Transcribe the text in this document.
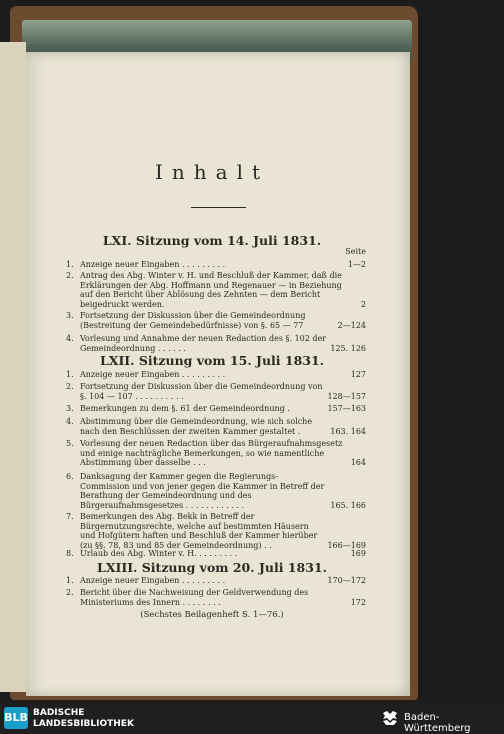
Inhalt
Seite
LXI. Sitzung vom 14. Juli 1831.
1. Anzeige neuer Eingaben . . . . . . . . .	1—2
2. Antrag des Abg. Winter v. H. und Beschluß der Kammer, daß die Erklärungen der Abg. Hoffmann und Regenauer — in Beziehung auf den Bericht über Ablösung des Zehnten — dem Bericht beigedruckt werden.	2
3. Fortsetzung der Diskussion über die Gemeindeordnung (Bestreitung der Gemeindebedürfnisse) von §. 65 — 77	2—124
4. Vorlesung und Annahme der neuen Redaction des §. 102 der Gemeindeordnung . . . . . .	125. 126
LXII. Sitzung vom 15. Juli 1831.
1. Anzeige neuer Eingaben . . . . . . . . .	127
2. Fortsetzung der Diskussion über die Gemeindeordnung von §. 104 — 107 . . . . . . . . . .	128—157
3. Bemerkungen zu dem §. 61 der Gemeindeordnung .	157—163
4. Abstimmung über die Gemeindeordnung, wie sich solche nach den Beschlüssen der zweiten Kammer gestaltet .	163. 164
5. Vorlesung der neuen Redaction über das Bürgeraufnahmsgesetz und einige nachträgliche Bemerkungen, so wie namentliche Abstimmung über dasselbe . . .	164
6. Danksagung der Kammer gegen die Regierungs-Commission und von jener gegen die Kammer in Betreff der Berathung der Gemeindeordnung und des Bürgeraufnahmsgesetzes . . . . . . . . . . . .	165. 166
7. Bemerkungen des Abg. Bekk in Betreff der Bürgernutzungsrechte, welche auf bestimmten Häusern und Hofgütern haften und Beschluß der Kammer hierüber (zu §§. 78, 83 und 85 der Gemeindeordnung) . .	166—169
8. Urlaub des Abg. Winter v. H. . . . . . . . .	169
LXIII. Sitzung vom 20. Juli 1831.
1. Anzeige neuer Eingaben . . . . . . . . .	170—172
2. Bericht über die Nachweisung der Geldverwendung des Ministeriums des Innern . . . . . . . .	172
(Sechstes Beilagenheft S. 1—76.)
BLB BADISCHE
LANDESBIBLIOTHEK
Baden-Württemberg
